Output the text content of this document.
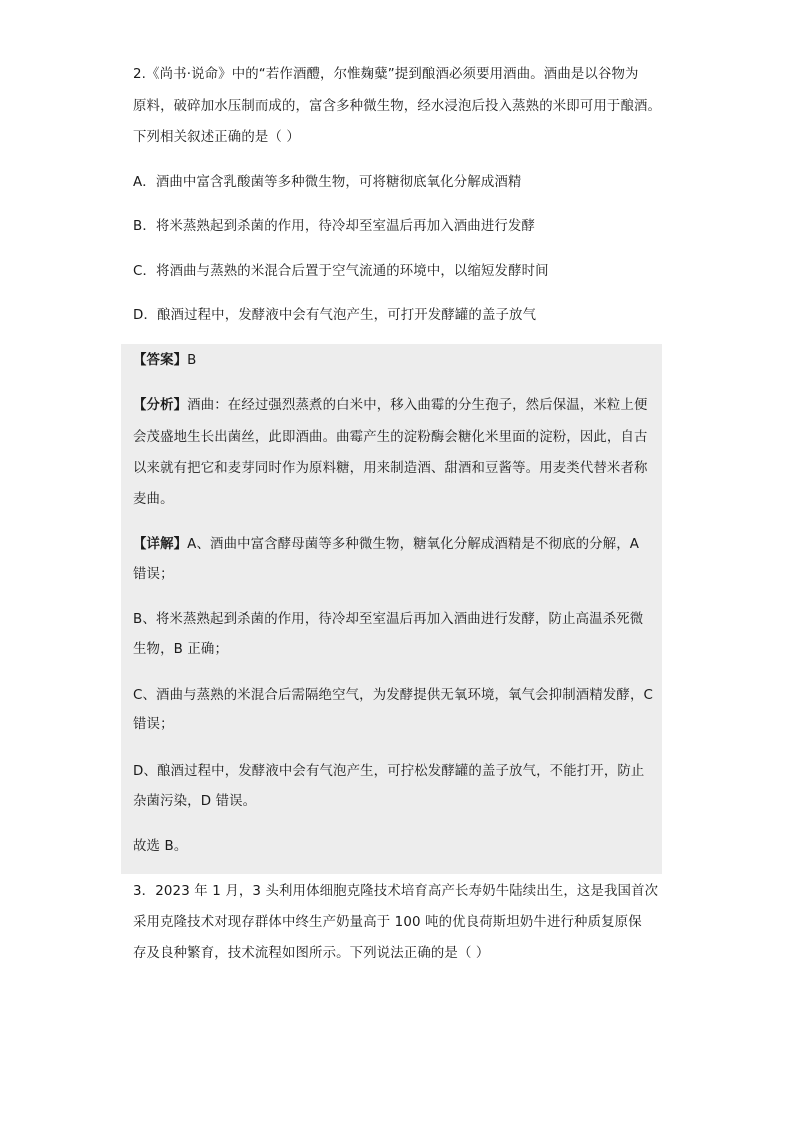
2.《尚书·说命》中的“若作酒醴，尔惟麹糵”提到酿酒必须要用酒曲。酒曲是以谷物为

原料，破碎加水压制而成的，富含多种微生物，经水浸泡后投入蒸熟的米即可用于酿酒。

下列相关叙述正确的是（ ）

A．酒曲中富含乳酸菌等多种微生物，可将糖彻底氧化分解成酒精

B．将米蒸熟起到杀菌的作用，待冷却至室温后再加入酒曲进行发酵

C．将酒曲与蒸熟的米混合后置于空气流通的环境中，以缩短发酵时间

D．酿酒过程中，发酵液中会有气泡产生，可打开发酵罐的盖子放气

【答案】B

【分析】酒曲：在经过强烈蒸煮的白米中，移入曲霉的分生孢子，然后保温，米粒上便

会茂盛地生长出菌丝，此即酒曲。曲霉产生的淀粉酶会糖化米里面的淀粉，因此，自古

以来就有把它和麦芽同时作为原料糖，用来制造酒、甜酒和豆酱等。用麦类代替米者称

麦曲。

【详解】A、酒曲中富含酵母菌等多种微生物，糖氧化分解成酒精是不彻底的分解，A

错误；

B、将米蒸熟起到杀菌的作用，待冷却至室温后再加入酒曲进行发酵，防止高温杀死微

生物，B 正确；

C、酒曲与蒸熟的米混合后需隔绝空气，为发酵提供无氧环境，氧气会抑制酒精发酵，C

错误；

D、酿酒过程中，发酵液中会有气泡产生，可拧松发酵罐的盖子放气，不能打开，防止

杂菌污染，D 错误。

故选 B。

3．2023 年 1 月，3 头利用体细胞克隆技术培育高产长寿奶牛陆续出生，这是我国首次

采用克隆技术对现存群体中终生产奶量高于 100 吨的优良荷斯坦奶牛进行种质复原保

存及良种繁育，技术流程如图所示。下列说法正确的是（ ）
